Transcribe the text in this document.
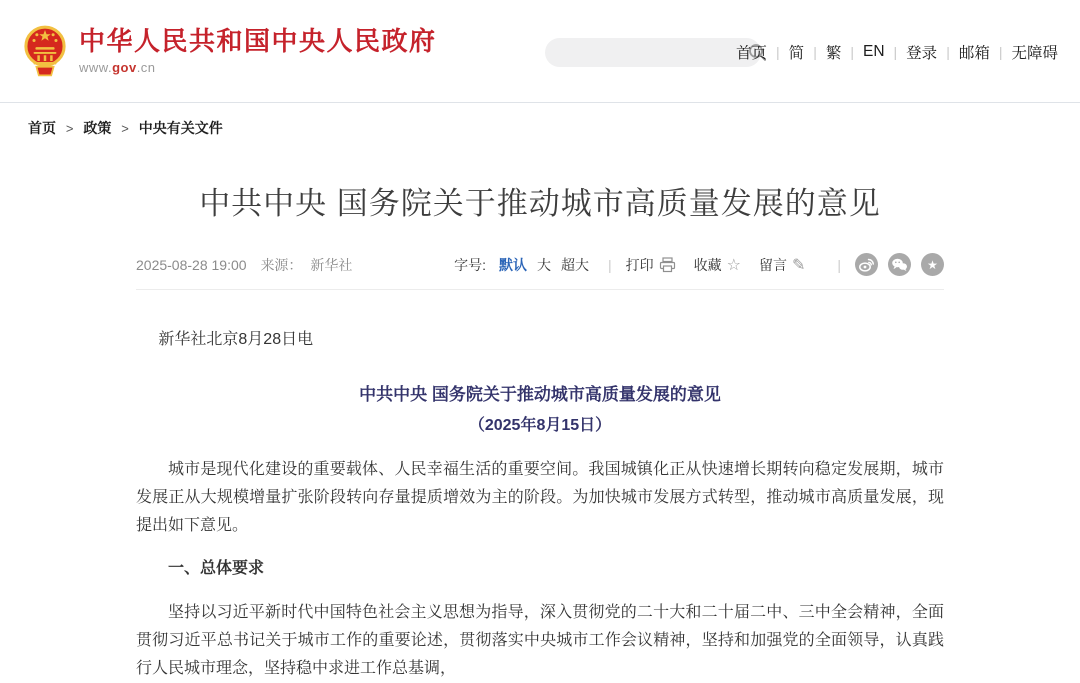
中华人民共和国中央人民政府
www.gov.cn
首页 | 简 | 繁 | EN | 登录 | 邮箱 | 无障碍
首页 > 政策 > 中央有关文件
中共中央 国务院关于推动城市高质量发展的意见
2025-08-28 19:00 来源： 新华社	字号: 默认 大 超大 | 打印	收藏 ☆ 留言 ✎ |	★

新华社北京8月28日电

中共中央 国务院关于推动城市高质量发展的意见

（2025年8月15日）

城市是现代化建设的重要载体、人民幸福生活的重要空间。我国城镇化正从快速增长期转向稳定发展期，城市发展正从大规模增量扩张阶段转向存量提质增效为主的阶段。为加快城市发展方式转型，推动城市高质量发展，现提出如下意见。

一、总体要求

坚持以习近平新时代中国特色社会主义思想为指导，深入贯彻党的二十大和二十届二中、三中全会精神，全面贯彻习近平总书记关于城市工作的重要论述，贯彻落实中央城市工作会议精神，坚持和加强党的全面领导，认真践行人民城市理念，坚持稳中求进工作总基调，
